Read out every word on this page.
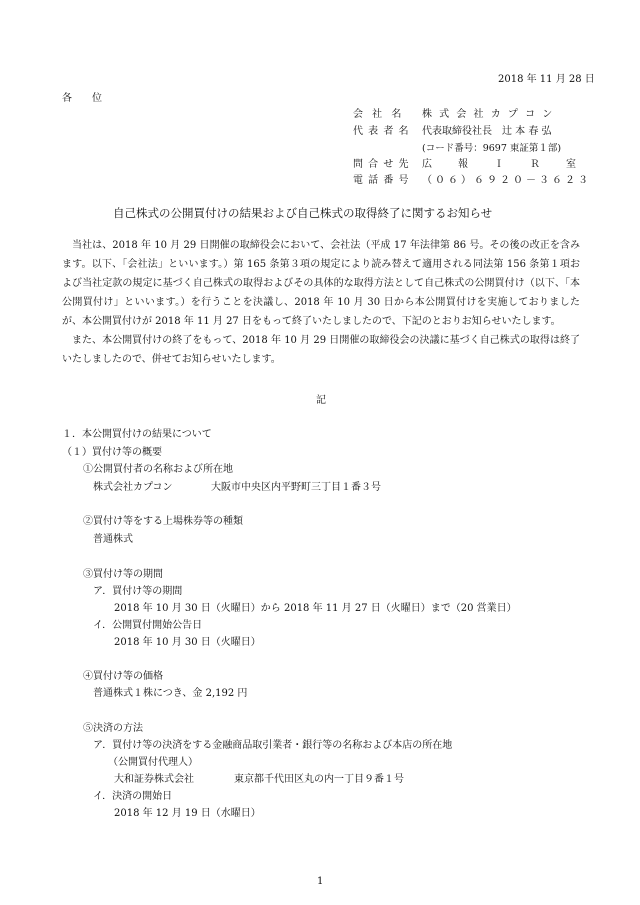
2018 年 11 月 28 日
各　　位
会 社 名 株 式 会 社 カ プ コ ン
代 表 者 名 代表取締役社長　辻 本 春 弘
(コード番号：9697 東証第１部)
問 合 せ 先 広　　報　　Ｉ　　Ｒ　　室
電 話 番 号 （０６）６９２０－３６２３
自己株式の公開買付けの結果および自己株式の取得終了に関するお知らせ
当社は、2018 年 10 月 29 日開催の取締役会において、会社法（平成 17 年法律第 86 号。その後の改正を含みます。以下、「会社法」といいます。）第 165 条第３項の規定により読み替えて適用される同法第 156 条第１項および当社定款の規定に基づく自己株式の取得およびその具体的な取得方法として自己株式の公開買付け（以下、「本公開買付け」といいます。）を行うことを決議し、2018 年 10 月 30 日から本公開買付けを実施しておりましたが、本公開買付けが 2018 年 11 月 27 日をもって終了いたしましたので、下記のとおりお知らせいたします。
また、本公開買付けの終了をもって、2018 年 10 月 29 日開催の取締役会の決議に基づく自己株式の取得は終了いたしましたので、併せてお知らせいたします。
記
１．本公開買付けの結果について
（１）買付け等の概要
①公開買付者の名称および所在地
株式会社カプコン	大阪市中央区内平野町三丁目１番３号
②買付け等をする上場株券等の種類
普通株式
③買付け等の期間
ア．買付け等の期間
2018 年 10 月 30 日（火曜日）から 2018 年 11 月 27 日（火曜日）まで（20 営業日）
イ．公開買付開始公告日
2018 年 10 月 30 日（火曜日）
④買付け等の価格
普通株式１株につき、金 2,192 円
⑤決済の方法
ア．買付け等の決済をする金融商品取引業者・銀行等の名称および本店の所在地
（公開買付代理人）
大和証券株式会社	東京都千代田区丸の内一丁目９番１号
イ．決済の開始日
2018 年 12 月 19 日（水曜日）
1
